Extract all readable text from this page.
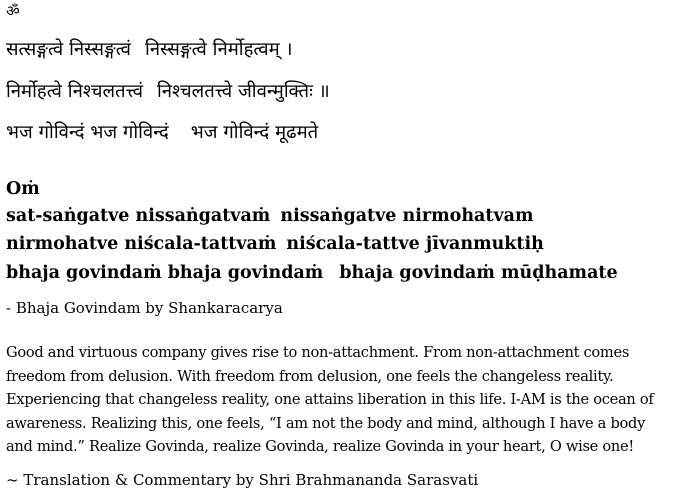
ॐ
सत्सङ्गत्वे निस्सङ्गत्वं निस्सङ्गत्वे निर्मोहत्वम् ।
निर्मोहत्वे निश्चलतत्त्वं निश्चलतत्त्वे जीवन्मुक्तिः ॥
भज गोविन्दं भज गोविन्दं भज गोविन्दं मूढमते
Oṁ
sat-saṅgatve nissaṅgatvaṁ nissaṅgatve nirmohatvam
nirmohatve niścala-tattvaṁ niścala-tattve jīvanmuktiḥ
bhaja govindaṁ bhaja govindaṁ bhaja govindaṁ mūḍhamate
- Bhaja Govindam by Shankaracarya
Good and virtuous company gives rise to non-attachment. From non-attachment comes
freedom from delusion. With freedom from delusion, one feels the changeless reality.
Experiencing that changeless reality, one attains liberation in this life. I-AM is the ocean of
awareness. Realizing this, one feels, “I am not the body and mind, although I have a body
and mind.” Realize Govinda, realize Govinda, realize Govinda in your heart, O wise one!
~ Translation & Commentary by Shri Brahmananda Sarasvati
